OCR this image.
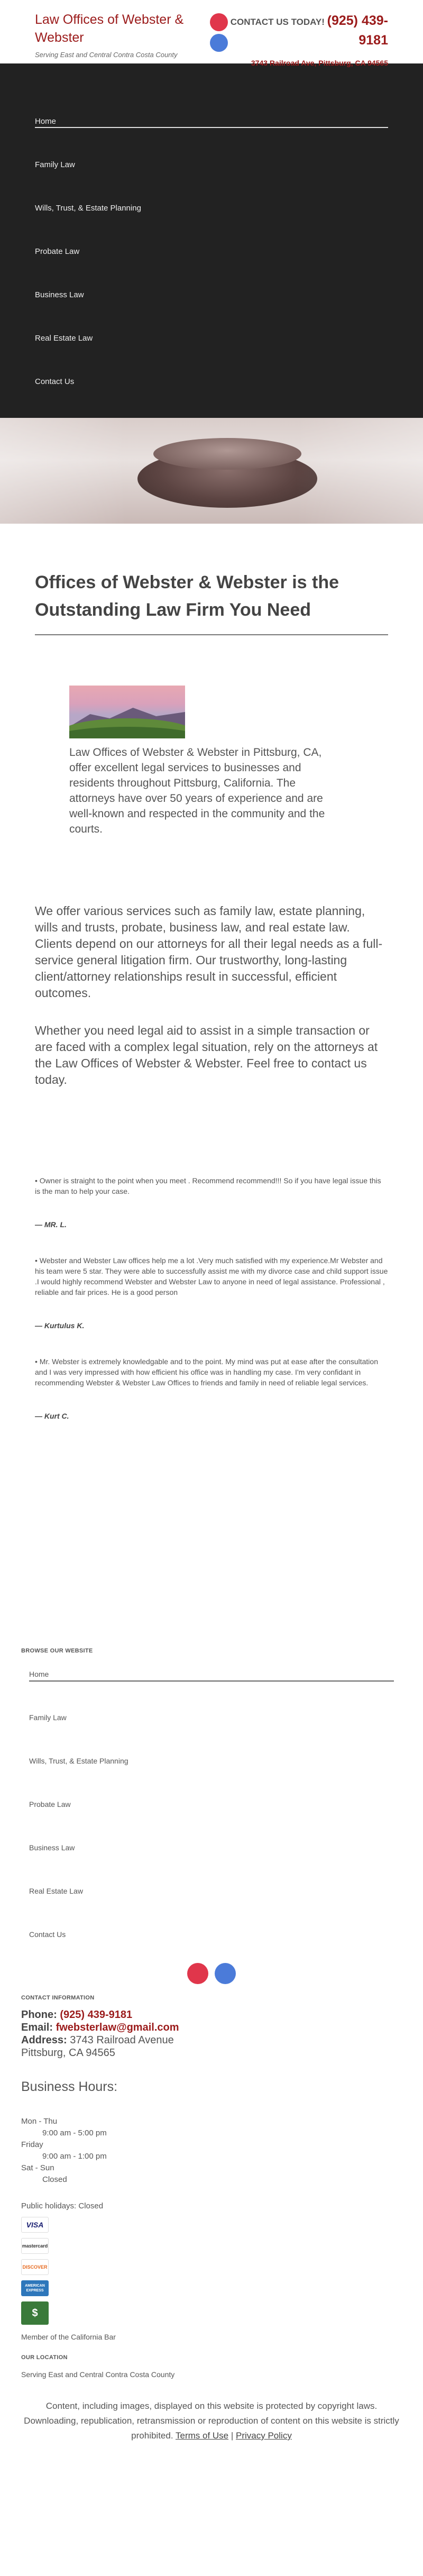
Law Offices of Webster & Webster
Serving East and Central Contra Costa County
CONTACT US TODAY! (925) 439-9181
3743 Railroad Ave, Pittsburg, CA 94565
Home
Family Law
Wills, Trust, & Estate Planning
Probate Law
Business Law
Real Estate Law
Contact Us
Offices of Webster & Webster is the Outstanding Law Firm You Need

Law Offices of Webster & Webster in Pittsburg, CA, offer excellent legal services to businesses and residents throughout Pittsburg, California. The attorneys have over 50 years of experience and are well-known and respected in the community and the courts.

We offer various services such as family law, estate planning, wills and trusts, probate, business law, and real estate law. Clients depend on our attorneys for all their legal needs as a full-service general litigation firm. Our trustworthy, long-lasting client/attorney relationships result in successful, efficient outcomes.

Whether you need legal aid to assist in a simple transaction or are faced with a complex legal situation, rely on the attorneys at the Law Offices of Webster & Webster. Feel free to contact us today.

• Owner is straight to the point when you meet . Recommend recommend!!! So if you have legal issue this is the man to help your case.

— MR. L.

• Webster and Webster Law offices help me a lot .Very much satisfied with my experience.Mr Webster and his team were 5 star. They were able to successfully assist me with my divorce case and child support issue .I would highly recommend Webster and Webster Law to anyone in need of legal assistance. Professional , reliable and fair prices. He is a good person

— Kurtulus K.

• Mr. Webster is extremely knowledgable and to the point. My mind was put at ease after the consultation and I was very impressed with how efficient his office was in handling my case. I'm very confidant in recommending Webster & Webster Law Offices to friends and family in need of reliable legal services.

— Kurt C.

BROWSE OUR WEBSITE
Home
Family Law
Wills, Trust, & Estate Planning
Probate Law
Business Law
Real Estate Law
Contact Us

CONTACT INFORMATION
Phone: (925) 439-9181
Email: fwebsterlaw@gmail.com
Address: 3743 Railroad Avenue
Pittsburg, CA 94565
Business Hours:
Mon - Thu
9:00 am - 5:00 pm
Friday
9:00 am - 1:00 pm
Sat - Sun
Closed
Public holidays: Closed
VISA
mastercard
DISCOVER
AMERICAN EXPRESS
$
Member of the California Bar
OUR LOCATION
Serving East and Central Contra Costa County

Content, including images, displayed on this website is protected by copyright laws. Downloading, republication, retransmission or reproduction of content on this website is strictly prohibited. Terms of Use | Privacy Policy
